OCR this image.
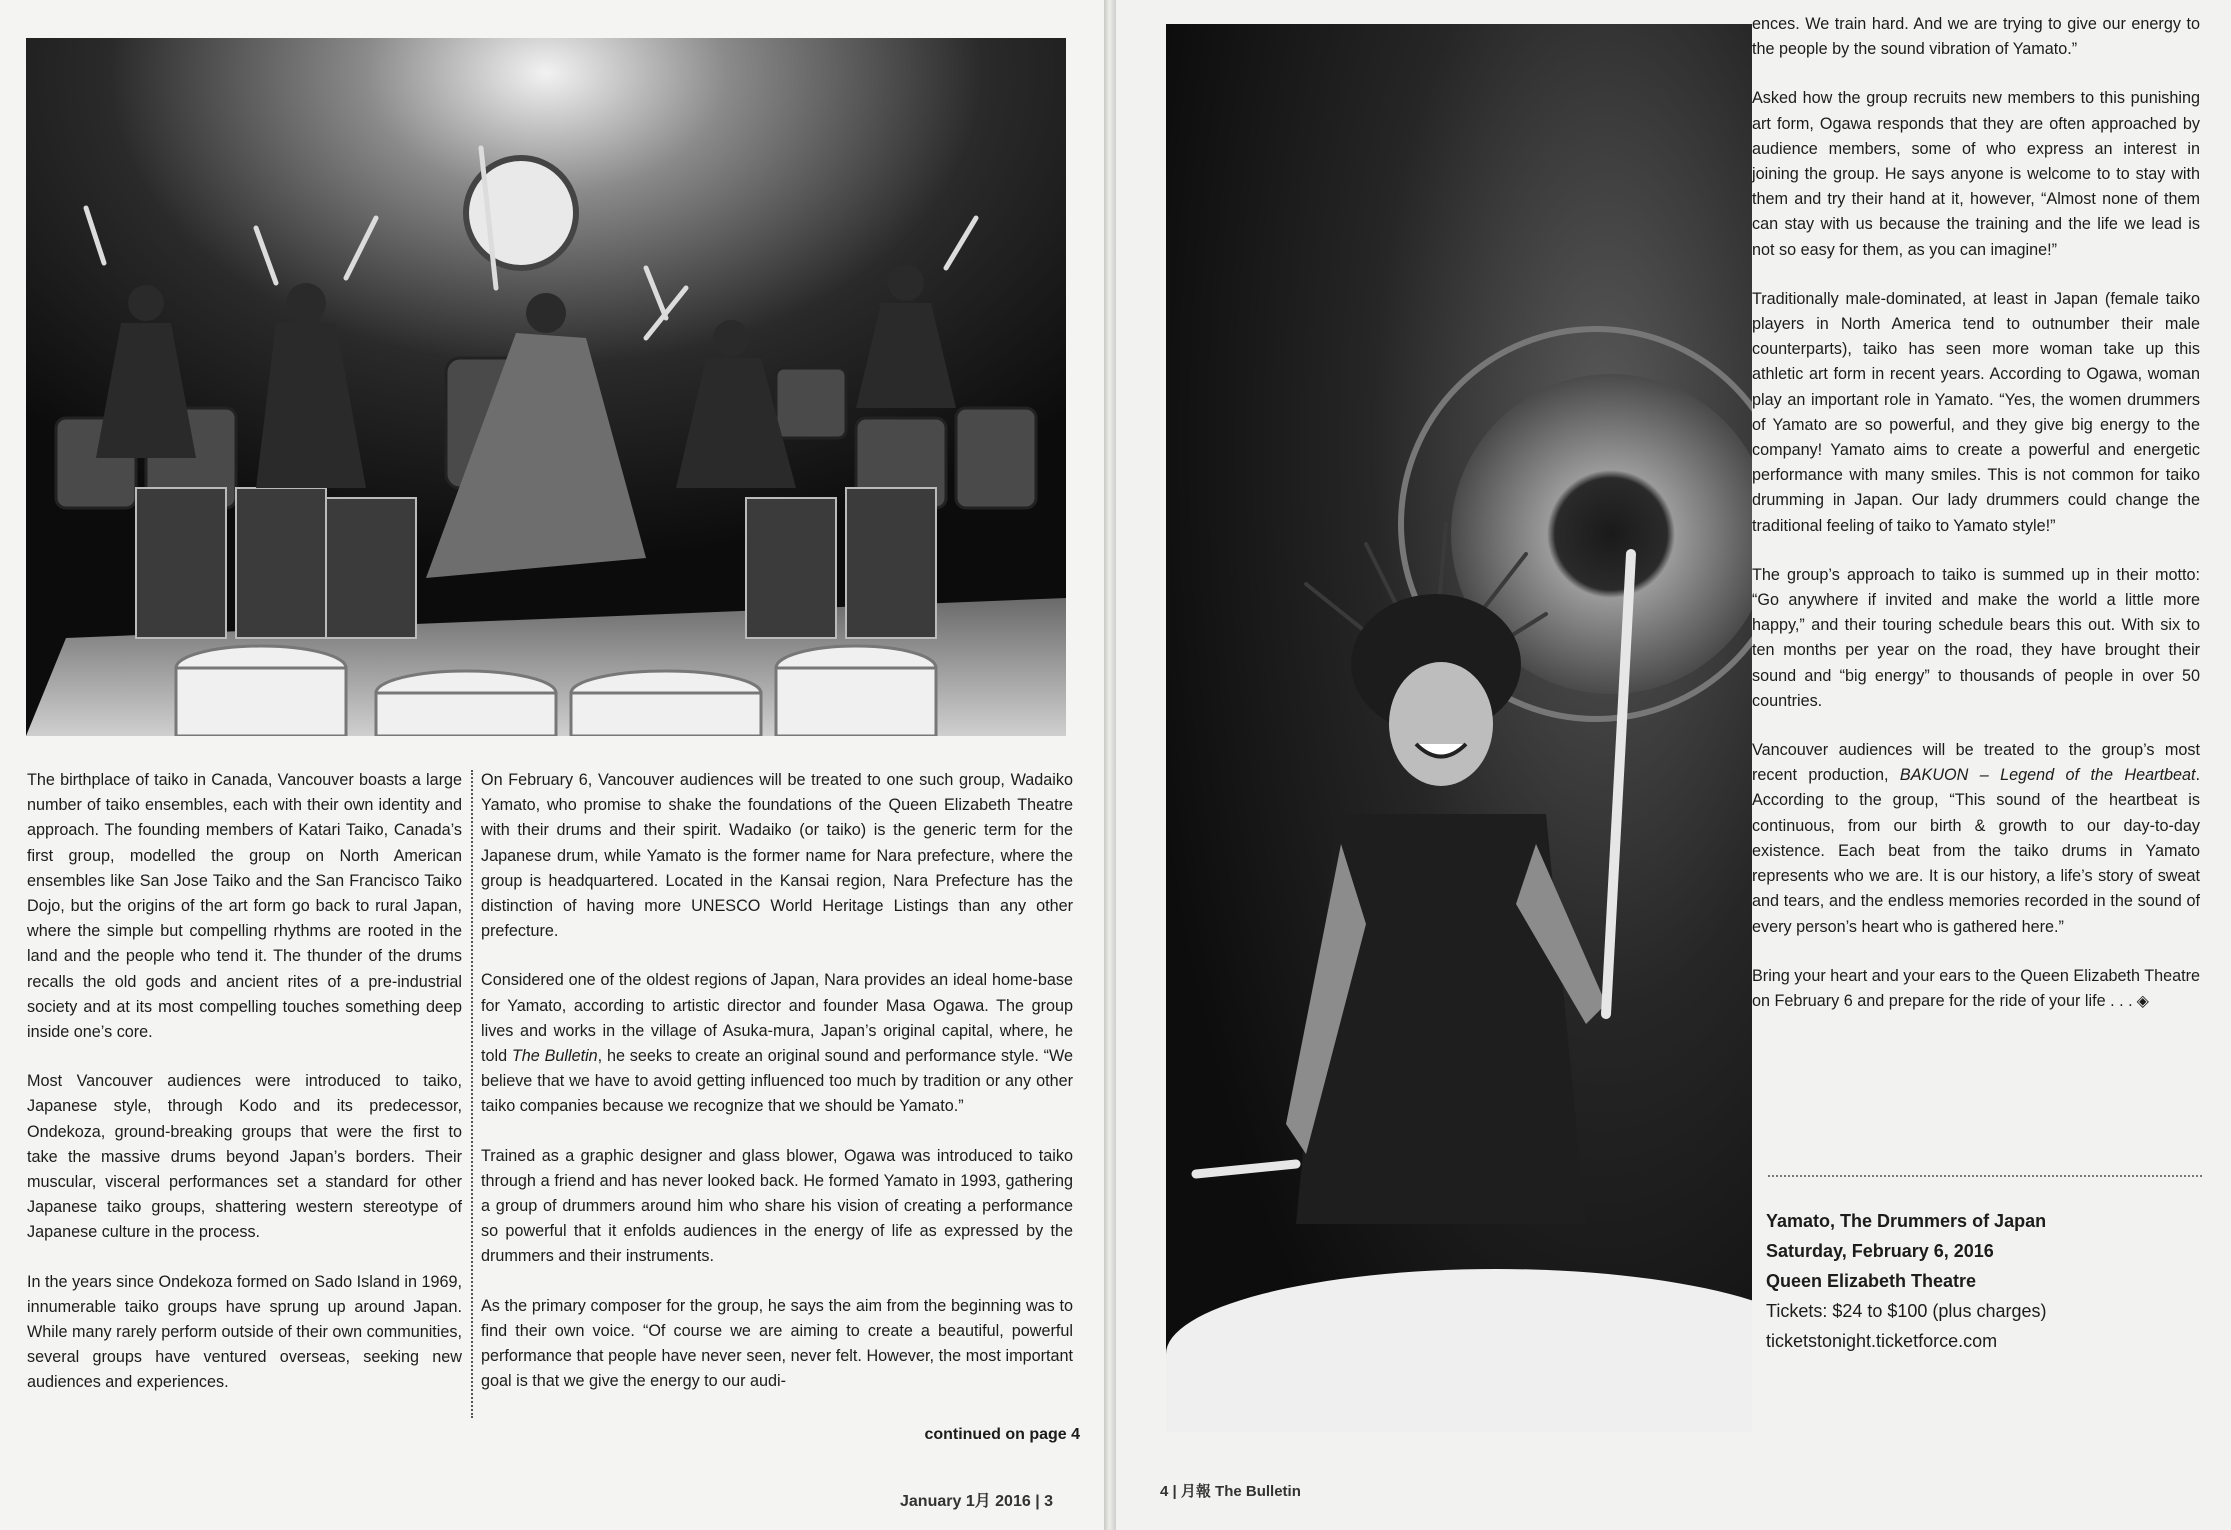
The birthplace of taiko in Canada, Vancouver boasts a large number of taiko ensembles, each with their own identity and approach. The founding members of Katari Taiko, Canada’s first group, modelled the group on North American ensembles like San Jose Taiko and the San Francisco Taiko Dojo, but the origins of the art form go back to rural Japan, where the simple but compelling rhythms are rooted in the land and the people who tend it. The thunder of the drums recalls the old gods and ancient rites of a pre-industrial society and at its most compelling touches something deep inside one’s core.

Most Vancouver audiences were introduced to taiko, Japanese style, through Kodo and its predecessor, Ondekoza, ground-breaking groups that were the first to take the massive drums beyond Japan’s borders. Their muscular, visceral performances set a standard for other Japanese taiko groups, shattering western stereotype of Japanese culture in the process.

In the years since Ondekoza formed on Sado Island in 1969, innumerable taiko groups have sprung up around Japan. While many rarely perform outside of their own communities, several groups have ventured overseas, seeking new audiences and experiences.

On February 6, Vancouver audiences will be treated to one such group, Wadaiko Yamato, who promise to shake the foundations of the Queen Elizabeth Theatre with their drums and their spirit. Wadaiko (or taiko) is the generic term for the Japanese drum, while Yamato is the former name for Nara prefecture, where the group is headquartered. Located in the Kansai region, Nara Prefecture has the distinction of having more UNESCO World Heritage Listings than any other prefecture.

Considered one of the oldest regions of Japan, Nara provides an ideal home-base for Yamato, according to artistic director and founder Masa Ogawa. The group lives and works in the village of Asuka-mura, Japan’s original capital, where, he told The Bulletin, he seeks to create an original sound and performance style. “We believe that we have to avoid getting influenced too much by tradition or any other taiko companies because we recognize that we should be Yamato.”

Trained as a graphic designer and glass blower, Ogawa was introduced to taiko through a friend and has never looked back. He formed Yamato in 1993, gathering a group of drummers around him who share his vision of creating a performance so powerful that it enfolds audiences in the energy of life as expressed by the drummers and their instruments.

As the primary composer for the group, he says the aim from the beginning was to find their own voice. “Of course we are aiming to create a beautiful, powerful performance that people have never seen, never felt. However, the most important goal is that we give the energy to our audi-

continued on page 4
January 1月 2016 | 3

ences. We train hard. And we are trying to give our energy to the people by the sound vibration of Yamato.”

Asked how the group recruits new members to this punishing art form, Ogawa responds that they are often approached by audience members, some of who express an interest in joining the group. He says anyone is welcome to to stay with them and try their hand at it, however, “Almost none of them can stay with us because the training and the life we lead is not so easy for them, as you can imagine!”

Traditionally male-dominated, at least in Japan (female taiko players in North America tend to outnumber their male counterparts), taiko has seen more woman take up this athletic art form in recent years. According to Ogawa, woman play an important role in Yamato. “Yes, the women drummers of Yamato are so powerful, and they give big energy to the company! Yamato aims to create a powerful and energetic performance with many smiles. This is not common for taiko drumming in Japan. Our lady drummers could change the traditional feeling of taiko to Yamato style!”

The group’s approach to taiko is summed up in their motto: “Go anywhere if invited and make the world a little more happy,” and their touring schedule bears this out. With six to ten months per year on the road, they have brought their sound and “big energy” to thousands of people in over 50 countries.

Vancouver audiences will be treated to the group’s most recent production, BAKUON – Legend of the Heartbeat. According to the group, “This sound of the heartbeat is continuous, from our birth & growth to our day-to-day existence. Each beat from the taiko drums in Yamato represents who we are. It is our history, a life’s story of sweat and tears, and the endless memories recorded in the sound of every person’s heart who is gathered here.”

Bring your heart and your ears to the Queen Elizabeth Theatre on February 6 and prepare for the ride of your life . . . ◈

Yamato, The Drummers of Japan
Saturday, February 6, 2016
Queen Elizabeth Theatre
Tickets: $24 to $100 (plus charges)
ticketstonight.ticketforce.com
4 | 月報 The Bulletin
